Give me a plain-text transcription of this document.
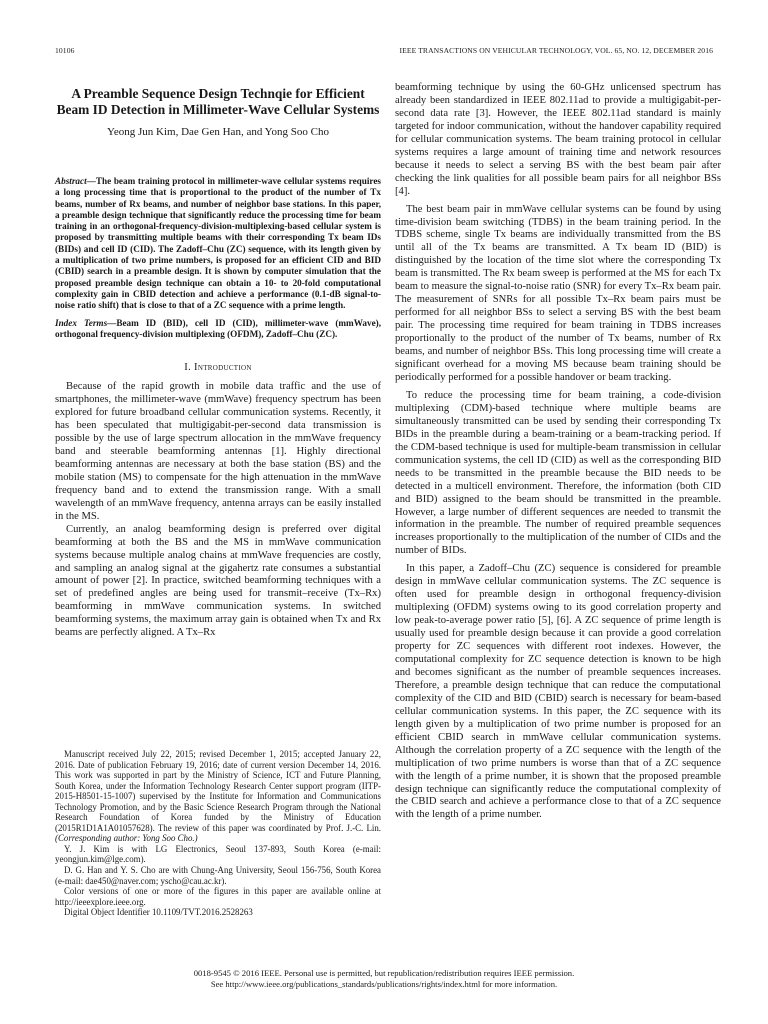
10106	IEEE TRANSACTIONS ON VEHICULAR TECHNOLOGY, VOL. 65, NO. 12, DECEMBER 2016
A Preamble Sequence Design Technqie for Efficient Beam ID Detection in Millimeter-Wave Cellular Systems
Yeong Jun Kim, Dae Gen Han, and Yong Soo Cho

Abstract—The beam training protocol in millimeter-wave cellular systems requires a long processing time that is proportional to the product of the number of Tx beams, number of Rx beams, and number of neighbor base stations. In this paper, a preamble design technique that significantly reduce the processing time for beam training in an orthogonal-frequency-division-multiplexing-based cellular system is proposed by transmitting multiple beams with their corresponding Tx beam IDs (BIDs) and cell ID (CID). The Zadoff–Chu (ZC) sequence, with its length given by a multiplication of two prime numbers, is proposed for an efficient CID and BID (CBID) search in a preamble design. It is shown by computer simulation that the proposed preamble design technique can obtain a 10- to 20-fold computational complexity gain in CBID detection and achieve a performance (0.1-dB signal-to-noise ratio shift) that is close to that of a ZC sequence with a prime length.

Index Terms—Beam ID (BID), cell ID (CID), millimeter-wave (mmWave), orthogonal frequency-division multiplexing (OFDM), Zadoff–Chu (ZC).

I. Introduction

Because of the rapid growth in mobile data traffic and the use of smartphones, the millimeter-wave (mmWave) frequency spectrum has been explored for future broadband cellular communication systems. Recently, it has been speculated that multigigabit-per-second data transmission is possible by the use of large spectrum allocation in the mmWave frequency band and steerable beamforming antennas [1]. Highly directional beamforming antennas are necessary at both the base station (BS) and the mobile station (MS) to compensate for the high attenuation in the mmWave frequency band and to extend the transmission range. With a small wavelength of an mmWave frequency, antenna arrays can be easily installed in the MS.

Currently, an analog beamforming design is preferred over digital beamforming at both the BS and the MS in mmWave communication systems because multiple analog chains at mmWave frequencies are costly, and sampling an analog signal at the gigahertz rate consumes a substantial amount of power [2]. In practice, switched beamforming techniques with a set of predefined angles are being used for transmit–receive (Tx–Rx) beamforming in mmWave communication systems. In switched beamforming systems, the maximum array gain is obtained when Tx and Rx beams are perfectly aligned. A Tx–Rx

Manuscript received July 22, 2015; revised December 1, 2015; accepted January 22, 2016. Date of publication February 19, 2016; date of current version December 14, 2016. This work was supported in part by the Ministry of Science, ICT and Future Planning, South Korea, under the Information Technology Research Center support program (IITP-2015-H8501-15-1007) supervised by the Institute for Information and Communications Technology Promotion, and by the Basic Science Research Program through the National Research Foundation of Korea funded by the Ministry of Education (2015R1D1A1A01057628). The review of this paper was coordinated by Prof. J.-C. Lin. (Corresponding author: Yong Soo Cho.)

Y. J. Kim is with LG Electronics, Seoul 137-893, South Korea (e-mail: yeongjun.kim@lge.com).

D. G. Han and Y. S. Cho are with Chung-Ang University, Seoul 156-756, South Korea (e-mail: dae450@naver.com; yscho@cau.ac.kr).

Color versions of one or more of the figures in this paper are available online at http://ieeexplore.ieee.org.

Digital Object Identifier 10.1109/TVT.2016.2528263

beamforming technique by using the 60-GHz unlicensed spectrum has already been standardized in IEEE 802.11ad to provide a multigigabit-per-second data rate [3]. However, the IEEE 802.11ad standard is mainly targeted for indoor communication, without the handover capability required for cellular communication systems. The beam training protocol in cellular systems requires a large amount of training time and network resources because it needs to select a serving BS with the best beam pair after checking the link qualities for all possible beam pairs for all neighbor BSs [4].

The best beam pair in mmWave cellular systems can be found by using time-division beam switching (TDBS) in the beam training period. In the TDBS scheme, single Tx beams are individually transmitted from the BS until all of the Tx beams are transmitted. A Tx beam ID (BID) is distinguished by the location of the time slot where the corresponding Tx beam is transmitted. The Rx beam sweep is performed at the MS for each Tx beam to measure the signal-to-noise ratio (SNR) for every Tx–Rx beam pair. The measurement of SNRs for all possible Tx–Rx beam pairs must be performed for all neighbor BSs to select a serving BS with the best beam pair. The processing time required for beam training in TDBS increases proportionally to the product of the number of Tx beams, number of Rx beams, and number of neighbor BSs. This long processing time will create a significant overhead for a moving MS because beam training should be periodically performed for a possible handover or beam tracking.

To reduce the processing time for beam training, a code-division multiplexing (CDM)-based technique where multiple beams are simultaneously transmitted can be used by sending their corresponding Tx BIDs in the preamble during a beam-training or a beam-tracking period. If the CDM-based technique is used for multiple-beam transmission in cellular communication systems, the cell ID (CID) as well as the corresponding BID needs to be transmitted in the preamble because the BID needs to be detected in a multicell environment. Therefore, the information (both CID and BID) assigned to the beam should be transmitted in the preamble. However, a large number of different sequences are needed to transmit the information in the preamble. The number of required preamble sequences increases proportionally to the multiplication of the number of CIDs and the number of BIDs.

In this paper, a Zadoff–Chu (ZC) sequence is considered for preamble design in mmWave cellular communication systems. The ZC sequence is often used for preamble design in orthogonal frequency-division multiplexing (OFDM) systems owing to its good correlation property and low peak-to-average power ratio [5], [6]. A ZC sequence of prime length is usually used for preamble design because it can provide a good correlation property for ZC sequences with different root indexes. However, the computational complexity for ZC sequence detection is known to be high and becomes significant as the number of preamble sequences increases. Therefore, a preamble design technique that can reduce the computational complexity of the CID and BID (CBID) search is necessary for beam-based cellular communication systems. In this paper, the ZC sequence with its length given by a multiplication of two prime number is proposed for an efficient CBID search in mmWave cellular communication systems. Although the correlation property of a ZC sequence with the length of the multiplication of two prime numbers is worse than that of a ZC sequence with the length of a prime number, it is shown that the proposed preamble design technique can significantly reduce the computational complexity of the CBID search and achieve a performance close to that of a ZC sequence with the length of a prime number.

0018-9545 © 2016 IEEE. Personal use is permitted, but republication/redistribution requires IEEE permission.
See http://www.ieee.org/publications_standards/publications/rights/index.html for more information.
